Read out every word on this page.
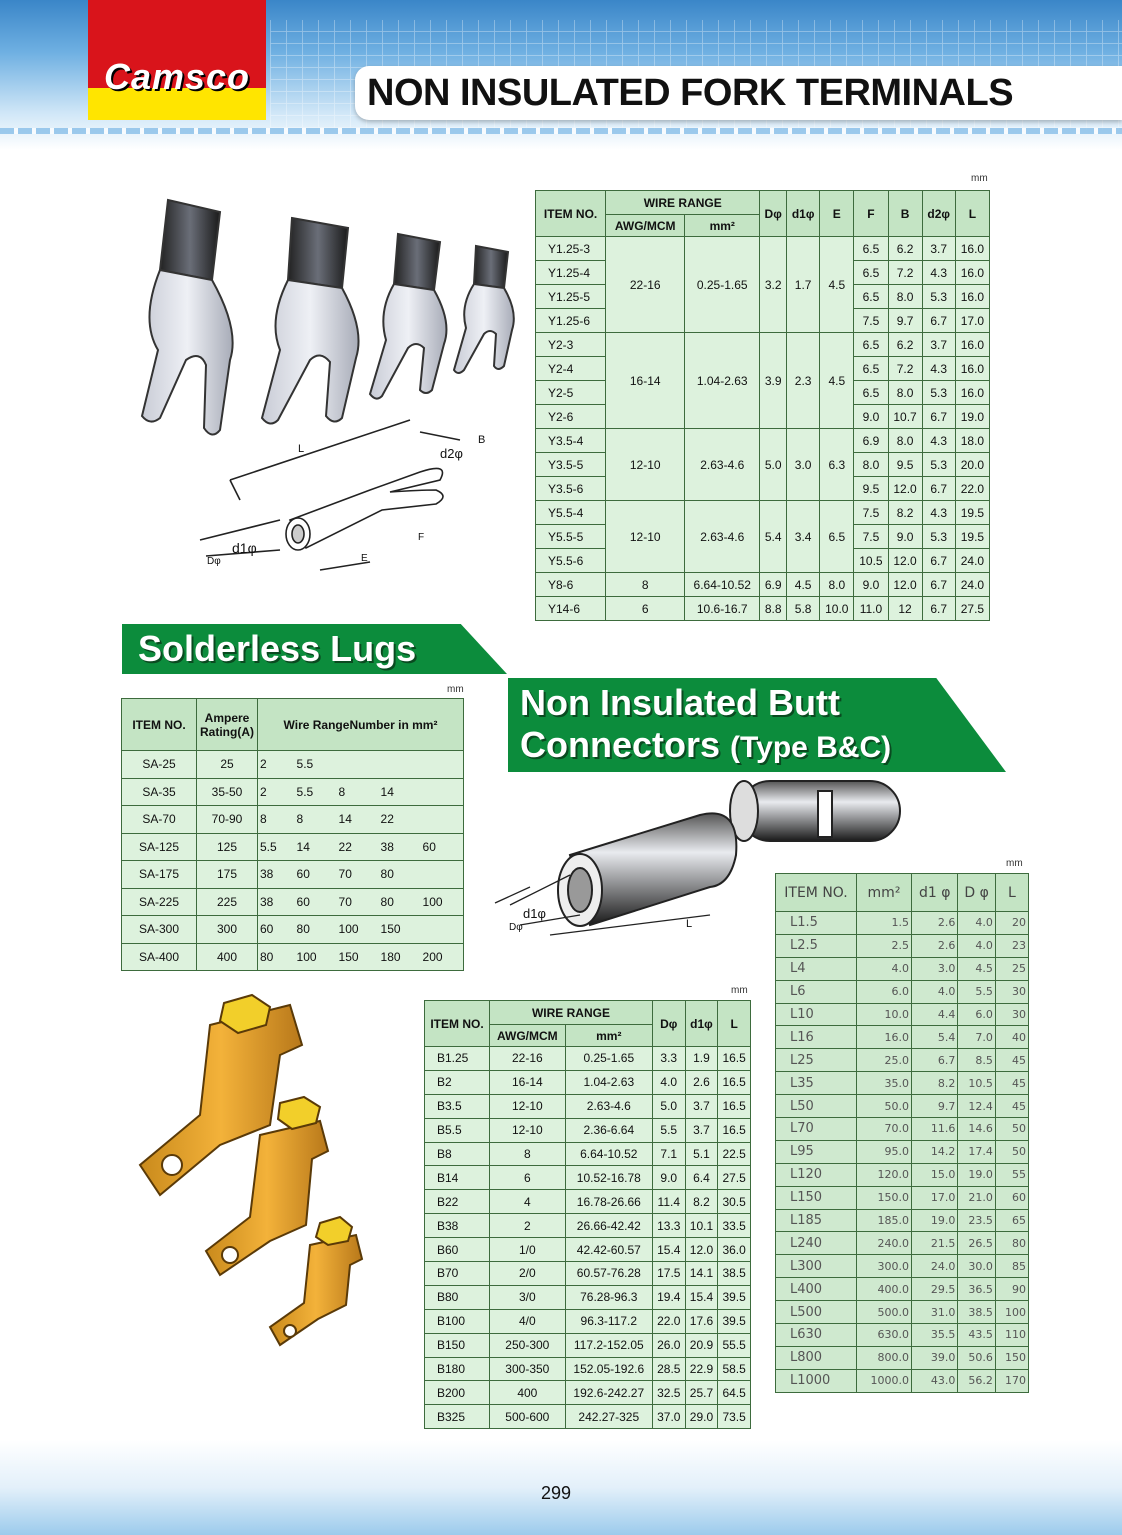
Camsco	NON INSULATED FORK TERMINALS
L
B
d2φ
d1φ
Dφ	E
F
mm
ITEM NO.	WIRE RANGE		Dφ	d1φ	E	F	B	d2φ	L
	AWG/MCM	mm²							
Y1.25-3	22-16	0.25-1.65	3.2	1.7	4.5	6.5	6.2	3.7	16.0
Y1.25-4						6.5	7.2	4.3	16.0
Y1.25-5						6.5	8.0	5.3	16.0
Y1.25-6						7.5	9.7	6.7	17.0
Y2-3	16-14	1.04-2.63	3.9	2.3	4.5	6.5	6.2	3.7	16.0
Y2-4						6.5	7.2	4.3	16.0
Y2-5						6.5	8.0	5.3	16.0
Y2-6						9.0	10.7	6.7	19.0
Y3.5-4	12-10	2.63-4.6	5.0	3.0	6.3	6.9	8.0	4.3	18.0
Y3.5-5						8.0	9.5	5.3	20.0
Y3.5-6						9.5	12.0	6.7	22.0
Y5.5-4	12-10	2.63-4.6	5.4	3.4	6.5	7.5	8.2	4.3	19.5
Y5.5-5						7.5	9.0	5.3	19.5
Y5.5-6						10.5	12.0	6.7	24.0
Y8-6	8	6.64-10.52	6.9	4.5	8.0	9.0	12.0	6.7	24.0
Y14-6	6	10.6-16.7	8.8	5.8	10.0	11.0	12	6.7	27.5
Solderless Lugs
mm
ITEM NO.	Ampere Rating(A)	Wire RangeNumber in mm²				
SA-25	25	2	5.5			
SA-35	35-50	2	5.5	8	14	
SA-70	70-90	8	8	14	22	
SA-125	125	5.5	14	22	38	60
SA-175	175	38	60	70	80	
SA-225	225	38	60	70	80	100
SA-300	300	60	80	100	150	
SA-400	400	80	100	150	180	200
Non Insulated Butt
Connectors (Type B&C)
d1φ
Dφ	L
mm
ITEM NO.	mm²	d1 φ	D φ	L
L1.5	1.5	2.6	4.0	20
L2.5	2.5	2.6	4.0	23
L4	4.0	3.0	4.5	25
L6	6.0	4.0	5.5	30
L10	10.0	4.4	6.0	30
L16	16.0	5.4	7.0	40
L25	25.0	6.7	8.5	45
L35	35.0	8.2	10.5	45
L50	50.0	9.7	12.4	45
L70	70.0	11.6	14.6	50
L95	95.0	14.2	17.4	50
L120	120.0	15.0	19.0	55
L150	150.0	17.0	21.0	60
L185	185.0	19.0	23.5	65
L240	240.0	21.5	26.5	80
L300	300.0	24.0	30.0	85
L400	400.0	29.5	36.5	90
L500	500.0	31.0	38.5	100
L630	630.0	35.5	43.5	110
L800	800.0	39.0	50.6	150
L1000	1000.0	43.0	56.2	170
mm
ITEM NO.	WIRE RANGE		Dφ	d1φ	L
	AWG/MCM	mm²			
B1.25	22-16	0.25-1.65	3.3	1.9	16.5
B2	16-14	1.04-2.63	4.0	2.6	16.5
B3.5	12-10	2.63-4.6	5.0	3.7	16.5
B5.5	12-10	2.36-6.64	5.5	3.7	16.5
B8	8	6.64-10.52	7.1	5.1	22.5
B14	6	10.52-16.78	9.0	6.4	27.5
B22	4	16.78-26.66	11.4	8.2	30.5
B38	2	26.66-42.42	13.3	10.1	33.5
B60	1/0	42.42-60.57	15.4	12.0	36.0
B70	2/0	60.57-76.28	17.5	14.1	38.5
B80	3/0	76.28-96.3	19.4	15.4	39.5
B100	4/0	96.3-117.2	22.0	17.6	39.5
B150	250-300	117.2-152.05	26.0	20.9	55.5
B180	300-350	152.05-192.6	28.5	22.9	58.5
B200	400	192.6-242.27	32.5	25.7	64.5
B325	500-600	242.27-325	37.0	29.0	73.5
299
